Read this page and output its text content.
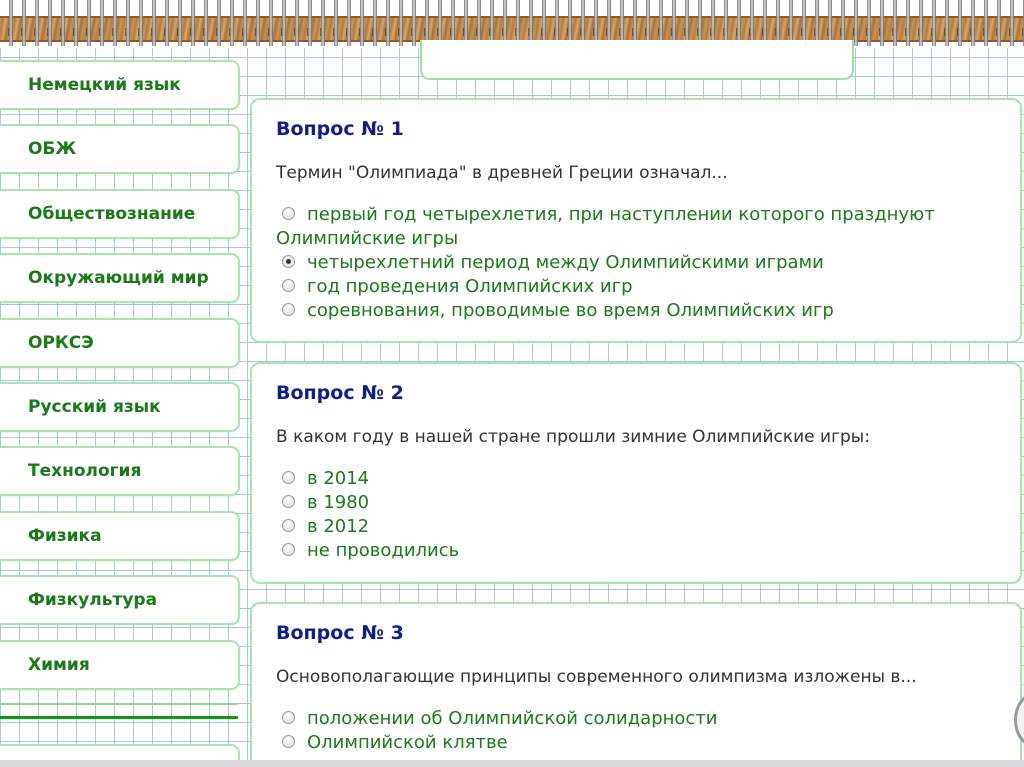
Немецкий язык
ОБЖ
Обществознание
Окружающий мир
ОРКСЭ
Русский язык
Технология
Физика
Физкультура
Химия
Вопрос № 1
Термин "Олимпиада" в древней Греции означал...
первый год четырехлетия, при наступлении которого празднуют Олимпийские игры
четырехлетний период между Олимпийскими играми
год проведения Олимпийских игр
соревнования, проводимые во время Олимпийских игр
Вопрос № 2
В каком году в нашей стране прошли зимние Олимпийские игры:
в 2014
в 1980
в 2012
не проводились
Вопрос № 3
Основополагающие принципы современного олимпизма изложены в...
положении об Олимпийской солидарности
Олимпийской клятве
